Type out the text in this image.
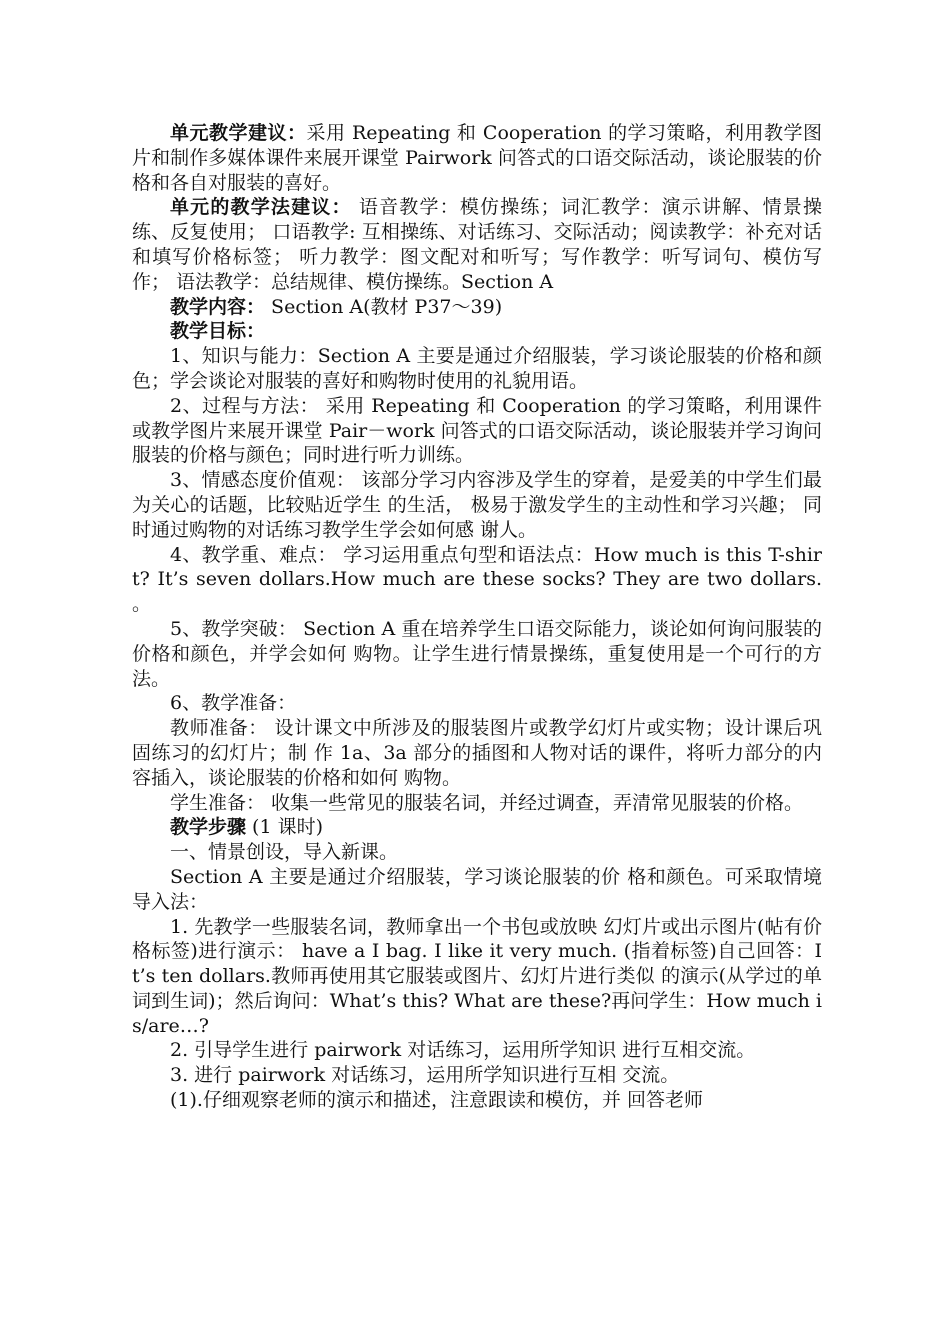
单元教学建议：采用 Repeating 和 Cooperation 的学习策略，利用教学图片和制作多媒体课件来展开课堂 Pairwork 问答式的口语交际活动，谈论服装的价格和各自对服装的喜好。

单元的教学法建议： 语音教学：模仿操练；词汇教学：演示讲解、情景操练、反复使用； 口语教学: 互相操练、对话练习、交际活动；阅读教学：补充对话和填写价格标签； 听力教学：图文配对和听写；写作教学：听写词句、模仿写作； 语法教学：总结规律、模仿操练。Section A

教学内容： Section A(教材 P37～39)

教学目标：

1、知识与能力：Section A 主要是通过介绍服装，学习谈论服装的价格和颜色；学会谈论对服装的喜好和购物时使用的礼貌用语。

2、过程与方法： 采用 Repeating 和 Cooperation 的学习策略，利用课件或教学图片来展开课堂 Pair－work 问答式的口语交际活动，谈论服装并学习询问服装的价格与颜色；同时进行听力训练。

3、情感态度价值观： 该部分学习内容涉及学生的穿着，是爱美的中学生们最为关心的话题，比较贴近学生 的生活， 极易于激发学生的主动性和学习兴趣； 同时通过购物的对话练习教学生学会如何感 谢人。

4、教学重、难点： 学习运用重点句型和语法点：How much is this T-shirt? It’s seven dollars.How much are these socks? They are two dollars. 。

5、教学突破： Section A 重在培养学生口语交际能力，谈论如何询问服装的价格和颜色，并学会如何 购物。让学生进行情景操练，重复使用是一个可行的方法。

6、教学准备：

教师准备： 设计课文中所涉及的服装图片或教学幻灯片或实物；设计课后巩固练习的幻灯片；制 作 1a、3a 部分的插图和人物对话的课件，将听力部分的内容插入，谈论服装的价格和如何 购物。

学生准备： 收集一些常见的服装名词，并经过调查，弄清常见服装的价格。

教学步骤 (1 课时)

一、情景创设，导入新课。

Section A 主要是通过介绍服装，学习谈论服装的价 格和颜色。可采取情境导入法：

1. 先教学一些服装名词，教师拿出一个书包或放映 幻灯片或出示图片(帖有价格标签)进行演示： have a I bag. I like it very much. (指着标签)自己回答：It’s ten dollars.教师再使用其它服装或图片、幻灯片进行类似 的演示(从学过的单词到生词)；然后询问：What’s this? What are these?再问学生：How much is/are…?

2. 引导学生进行 pairwork 对话练习，运用所学知识 进行互相交流。

3. 进行 pairwork 对话练习，运用所学知识进行互相 交流。

(1).仔细观察老师的演示和描述，注意跟读和模仿，并 回答老师
